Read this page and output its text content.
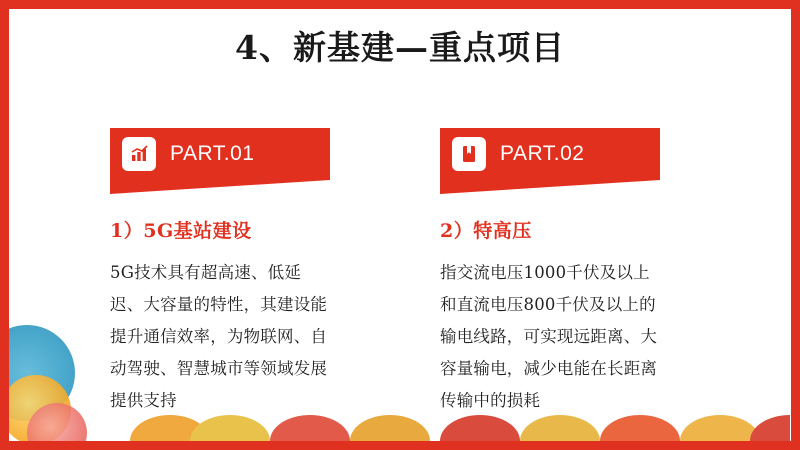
4、新基建—重点项目
PART.01
1）5G基站建设
5G技术具有超高速、低延迟、大容量的特性，其建设能提升通信效率，为物联网、自动驾驶、智慧城市等领域发展提供支持
PART.02
2）特高压
指交流电压1000千伏及以上和直流电压800千伏及以上的输电线路，可实现远距离、大容量输电，减少电能在长距离传输中的损耗
